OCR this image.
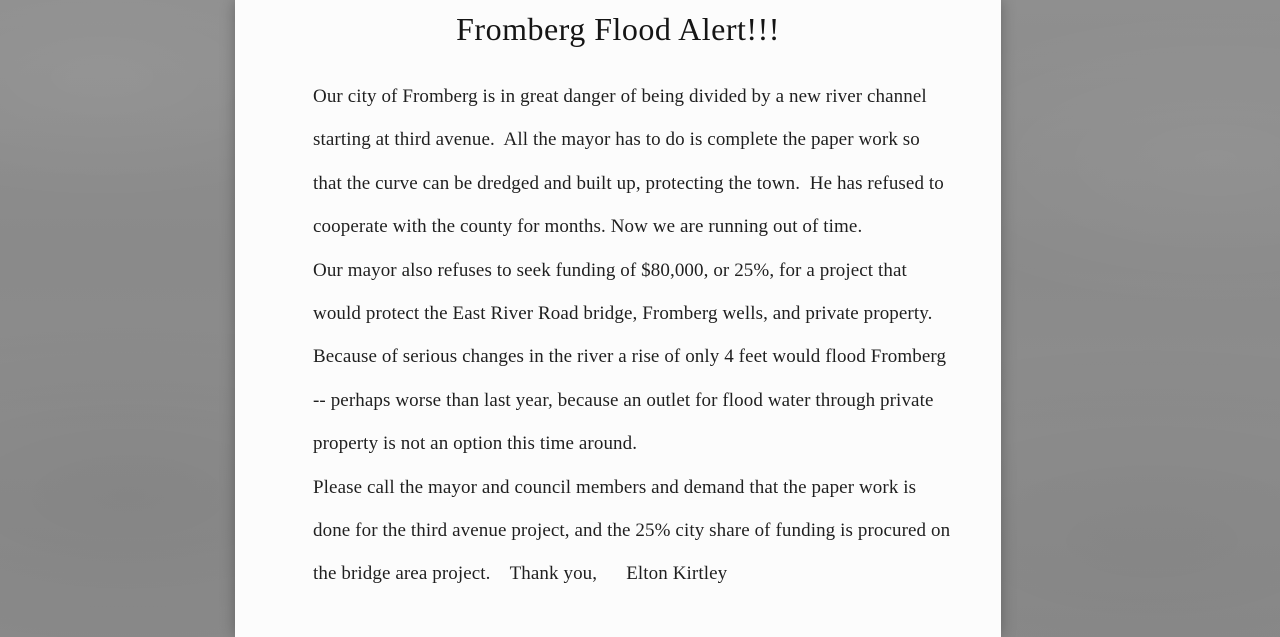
Fromberg Flood Alert!!!
Our city of Fromberg is in great danger of being divided by a new river channel
starting at third avenue.  All the mayor has to do is complete the paper work so
that the curve can be dredged and built up, protecting the town.  He has refused to
cooperate with the county for months. Now we are running out of time.
Our mayor also refuses to seek funding of $80,000, or 25%, for a project that
would protect the East River Road bridge, Fromberg wells, and private property.
Because of serious changes in the river a rise of only 4 feet would flood Fromberg
-- perhaps worse than last year, because an outlet for flood water through private
property is not an option this time around.
Please call the mayor and council members and demand that the paper work is
done for the third avenue project, and the 25% city share of funding is procured on
the bridge area project.    Thank you,      Elton Kirtley
